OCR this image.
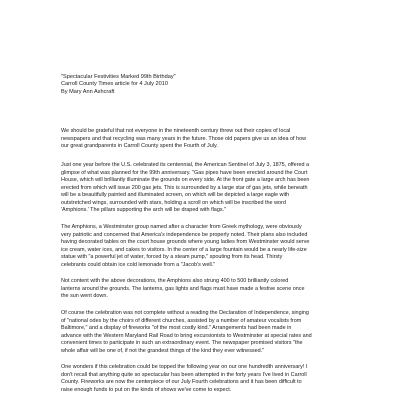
"Spectacular Festivities Marked 99th Birthday"
Carroll County Times article for 4 July 2010
By Mary Ann Ashcraft
We should be grateful that not everyone in the nineteenth century threw out their copies of local
newspapers and that recycling was many years in the future. Those old papers give us an idea of how
our great grandparents in Carroll County spent the Fourth of July.
Just one year before the U.S. celebrated its centennial, the American Sentinel of July 3, 1875, offered a
glimpse of what was planned for the 99th anniversary. "Gas pipes have been erected around the Court
House, which will brilliantly illuminate the grounds on every side. At the front gate a large arch has been
erected from which will issue 200 gas jets. This is surrounded by a large star of gas jets, while beneath
will be a beautifully painted and illuminated screen, on which will be depicted a large eagle with
outstretched wings, surrounded with stars, holding a scroll on which will be inscribed the word
'Amphions.' The pillars supporting the arch will be draped with flags."
The Amphions, a Westminster group named after a character from Greek mythology, were obviously
very patriotic and concerned that America's independence be properly noted. Their plans also included
having decorated tables on the court house grounds where young ladies from Westminster would serve
ice cream, water ices, and cakes to visitors. In the center of a large fountain would be a nearly life-size
statue with "a powerful jet of water, forced by a steam pump," spouting from its head. Thirsty
celebrants could obtain ice cold lemonade from a "Jacob's well."
Not content with the above decorations, the Amphions also strung 400 to 500 brilliantly colored
lanterns around the grounds. The lanterns, gas lights and flags must have made a festive scene once
the sun went down.
Of course the celebration was not complete without a reading the Declaration of Independence, singing
of "national odes by the choirs of different churches, assisted by a number of amateur vocalists from
Baltimore," and a display of fireworks "of the most costly kind." Arrangements had been made in
advance with the Western Maryland Rail Road to bring excursionists to Westminster at special rates and
convenient times to participate in such an extraordinary event. The newspaper promised visitors "the
whole affair will be one of, if not the grandest things of the kind they ever witnessed."
One wonders if this celebration could be topped the following year on our one hundredth anniversary! I
don't recall that anything quite so spectacular has been attempted in the forty years I've lived in Carroll
County. Fireworks are now the centerpiece of our July Fourth celebrations and it has been difficult to
raise enough funds to put on the kinds of shows we've come to expect.
